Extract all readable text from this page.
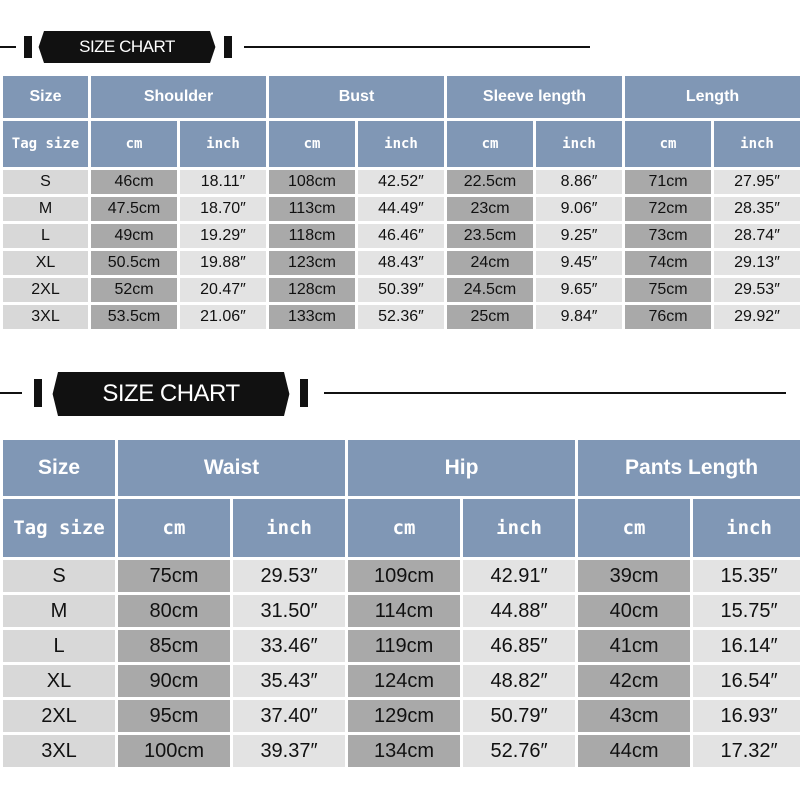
SIZE CHART
Size	Shoulder		Bust		Sleeve length		Length	
Tag size	cm	inch	cm	inch	cm	inch	cm	inch
S	46cm	18.11″	108cm	42.52″	22.5cm	8.86″	71cm	27.95″
M	47.5cm	18.70″	113cm	44.49″	23cm	9.06″	72cm	28.35″
L	49cm	19.29″	118cm	46.46″	23.5cm	9.25″	73cm	28.74″
XL	50.5cm	19.88″	123cm	48.43″	24cm	9.45″	74cm	29.13″
2XL	52cm	20.47″	128cm	50.39″	24.5cm	9.65″	75cm	29.53″
3XL	53.5cm	21.06″	133cm	52.36″	25cm	9.84″	76cm	29.92″
SIZE CHART
Size	Waist		Hip		Pants Length	
Tag size	cm	inch	cm	inch	cm	inch
S	75cm	29.53″	109cm	42.91″	39cm	15.35″
M	80cm	31.50″	114cm	44.88″	40cm	15.75″
L	85cm	33.46″	119cm	46.85″	41cm	16.14″
XL	90cm	35.43″	124cm	48.82″	42cm	16.54″
2XL	95cm	37.40″	129cm	50.79″	43cm	16.93″
3XL	100cm	39.37″	134cm	52.76″	44cm	17.32″
